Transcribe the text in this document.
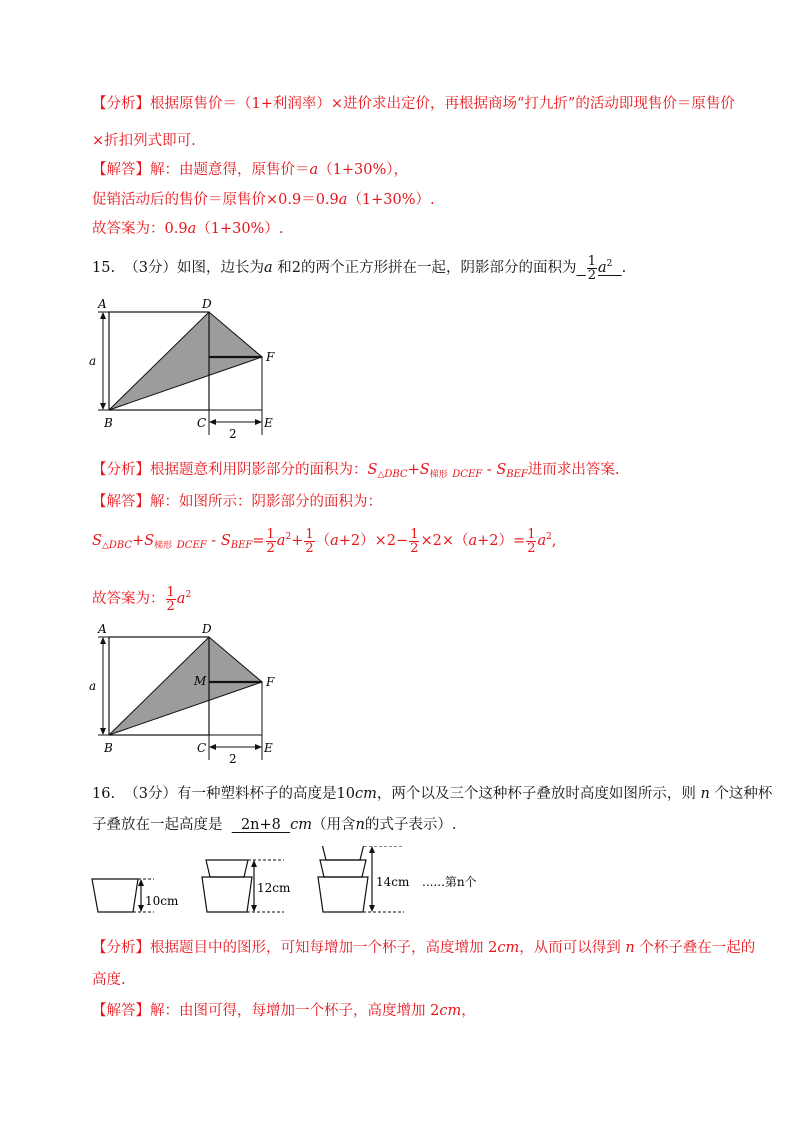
【分析】根据原售价＝（1+利润率）×进价求出定价，再根据商场“打九折”的活动即现售价＝原售价
×折扣列式即可.
【解答】解：由题意得，原售价＝a（1+30%），
促销活动后的售价＝原售价×0.9＝0.9a（1+30%）.
故答案为：0.9a（1+30%）.
15. （3分）如图，边长为a 和2的两个正方形拼在一起，阴影部分的面积为 $\frac{1}{2} a^2$ .
A	D
F
B	C	E
a
2
【分析】根据题意利用阴影部分的面积为：$S_{\triangle DBC}+S_{梯形}$ $_{DCEF} - S_{BEF}$进而求出答案.
【解答】解：如图所示：阴影部分的面积为：
$S_{\triangle DBC}+S_{梯形}$ $_{DCEF} - S_{BEF}= \frac{1}{2} a^2+ \frac{1}{2} (a+2)\times 2- \frac{1}{2} \times 2\times(a+2)= \frac{1}{2} a^2$,
故答案为： $\frac{1}{2} a^2$
A	D
M	F
B	C	E
a
2
16. （3分）有一种塑料杯子的高度是10cm，两个以及三个这种杯子叠放时高度如图所示，则 n 个这种杯
子叠放在一起高度是 2n+8 cm（用含n的式子表示）.
10cm
12cm	14cm ......第n个
【分析】根据题目中的图形，可知每增加一个杯子，高度增加 2cm，从而可以得到 n 个杯子叠在一起的
高度.
【解答】解：由图可得，每增加一个杯子，高度增加 2cm，
